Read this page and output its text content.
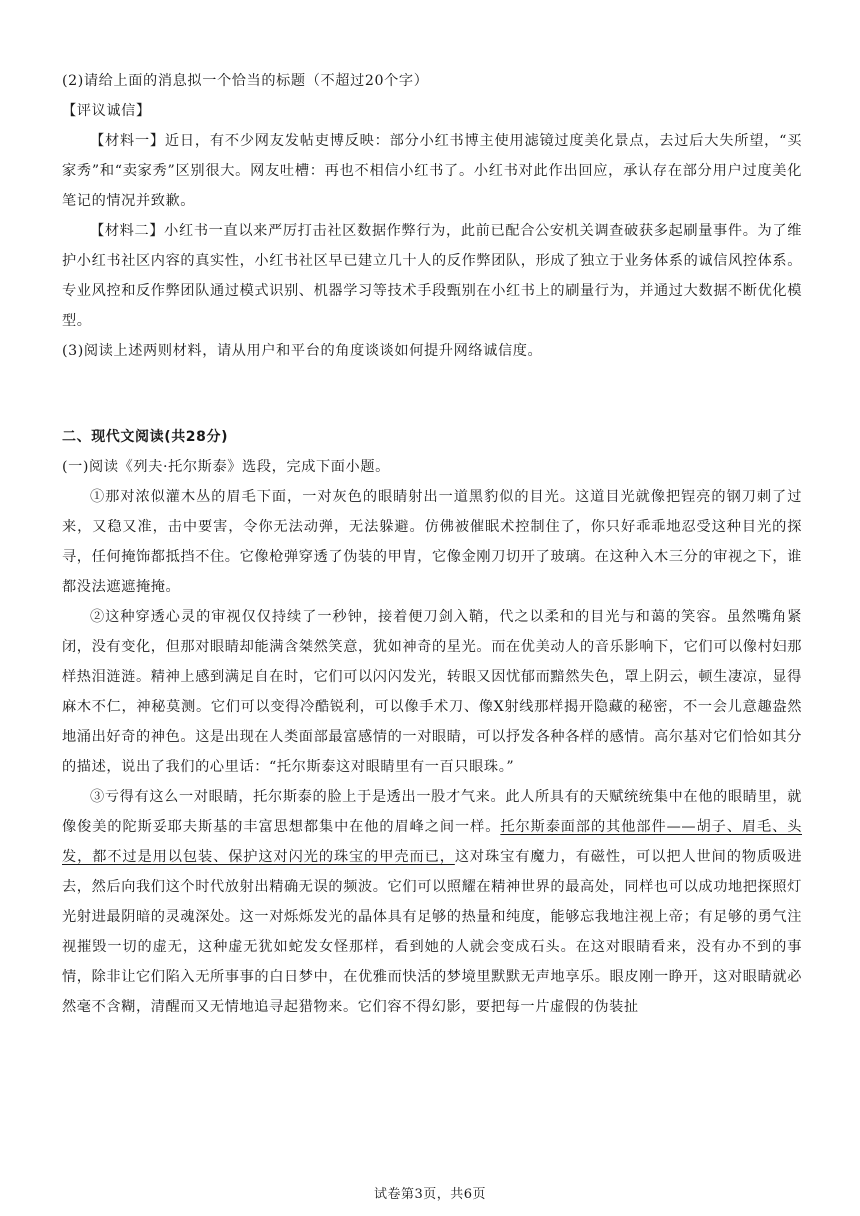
(2)请给上面的消息拟一个恰当的标题（不超过20个字）

【评议诚信】

【材料一】近日，有不少网友发帖吏博反映：部分小红书博主使用滤镜过度美化景点，去过后大失所望，“买家秀”和“卖家秀”区别很大。网友吐槽：再也不相信小红书了。小红书对此作出回应，承认存在部分用户过度美化笔记的情况并致歉。

【材料二】小红书一直以来严厉打击社区数据作弊行为，此前已配合公安机关调查破获多起刷量事件。为了维护小红书社区内容的真实性，小红书社区早已建立几十人的反作弊团队，形成了独立于业务体系的诚信风控体系。专业风控和反作弊团队通过模式识别、机器学习等技术手段甄别在小红书上的刷量行为，并通过大数据不断优化模型。

(3)阅读上述两则材料，请从用户和平台的角度谈谈如何提升网络诚信度。

二、现代文阅读(共28分)

(一)阅读《列夫·托尔斯泰》选段，完成下面小题。

①那对浓似灌木丛的眉毛下面，一对灰色的眼睛射出一道黑豹似的目光。这道目光就像把锃亮的钢刀刺了过来，又稳又准，击中要害，令你无法动弹，无法躲避。仿佛被催眠术控制住了，你只好乖乖地忍受这种目光的探寻，任何掩饰都抵挡不住。它像枪弹穿透了伪装的甲胄，它像金刚刀切开了玻璃。在这种入木三分的审视之下，谁都没法遮遮掩掩。

②这种穿透心灵的审视仅仅持续了一秒钟，接着便刀剑入鞘，代之以柔和的目光与和蔼的笑容。虽然嘴角紧闭，没有变化，但那对眼睛却能满含桀然笑意，犹如神奇的星光。而在优美动人的音乐影响下，它们可以像村妇那样热泪涟涟。精神上感到满足自在时，它们可以闪闪发光，转眼又因忧郁而黯然失色，罩上阴云，顿生凄凉，显得麻木不仁，神秘莫测。它们可以变得冷酷锐利，可以像手术刀、像X射线那样揭开隐藏的秘密，不一会儿意趣盎然地涌出好奇的神色。这是出现在人类面部最富感情的一对眼睛，可以抒发各种各样的感情。高尔基对它们恰如其分的描述，说出了我们的心里话：“托尔斯泰这对眼睛里有一百只眼珠。”

③亏得有这么一对眼睛，托尔斯泰的脸上于是透出一股才气来。此人所具有的天赋统统集中在他的眼睛里，就像俊美的陀斯妥耶夫斯基的丰富思想都集中在他的眉峰之间一样。托尔斯泰面部的其他部件——胡子、眉毛、头发，都不过是用以包装、保护这对闪光的珠宝的甲壳而已，这对珠宝有魔力，有磁性，可以把人世间的物质吸进去，然后向我们这个时代放射出精确无误的频波。它们可以照耀在精神世界的最高处，同样也可以成功地把探照灯光射进最阴暗的灵魂深处。这一对烁烁发光的晶体具有足够的热量和纯度，能够忘我地注视上帝；有足够的勇气注视摧毁一切的虚无，这种虚无犹如蛇发女怪那样，看到她的人就会变成石头。在这对眼睛看来，没有办不到的事情，除非让它们陷入无所事事的白日梦中，在优雅而快活的梦境里默默无声地享乐。眼皮刚一睁开，这对眼睛就必然毫不含糊，清醒而又无情地追寻起猎物来。它们容不得幻影，要把每一片虚假的伪装扯

试卷第3页，共6页
